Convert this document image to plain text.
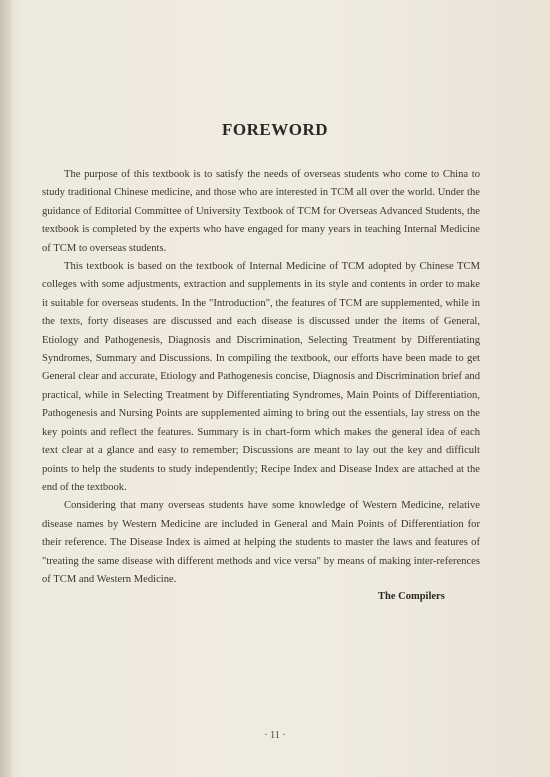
FOREWORD

The purpose of this textbook is to satisfy the needs of overseas students who come to China to study traditional Chinese medicine, and those who are interested in TCM all over the world. Under the guidance of Editorial Committee of University Textbook of TCM for Overseas Advanced Students, the textbook is completed by the experts who have engaged for many years in teaching Internal Medicine of TCM to overseas students.

This textbook is based on the textbook of Internal Medicine of TCM adopted by Chinese TCM colleges with some adjustments, extraction and supplements in its style and contents in order to make it suitable for overseas students. In the "Introduction", the features of TCM are supplemented, while in the texts, forty diseases are discussed and each disease is discussed under the items of General, Etiology and Pathogenesis, Diagnosis and Discrimination, Selecting Treatment by Differentiating Syndromes, Summary and Discussions. In compiling the textbook, our efforts have been made to get General clear and accurate, Etiology and Pathogenesis concise, Diagnosis and Discrimination brief and practical, while in Selecting Treatment by Differentiating Syndromes, Main Points of Differentiation, Pathogenesis and Nursing Points are supplemented aiming to bring out the essentials, lay stress on the key points and reflect the features. Summary is in chart-form which makes the general idea of each text clear at a glance and easy to remember; Discussions are meant to lay out the key and difficult points to help the students to study independently; Recipe Index and Disease Index are attached at the end of the textbook.

Considering that many overseas students have some knowledge of Western Medicine, relative disease names by Western Medicine are included in General and Main Points of Differentiation for their reference. The Disease Index is aimed at helping the students to master the laws and features of "treating the same disease with different methods and vice versa" by means of making inter-references of TCM and Western Medicine.

The Compilers
· 11 ·
